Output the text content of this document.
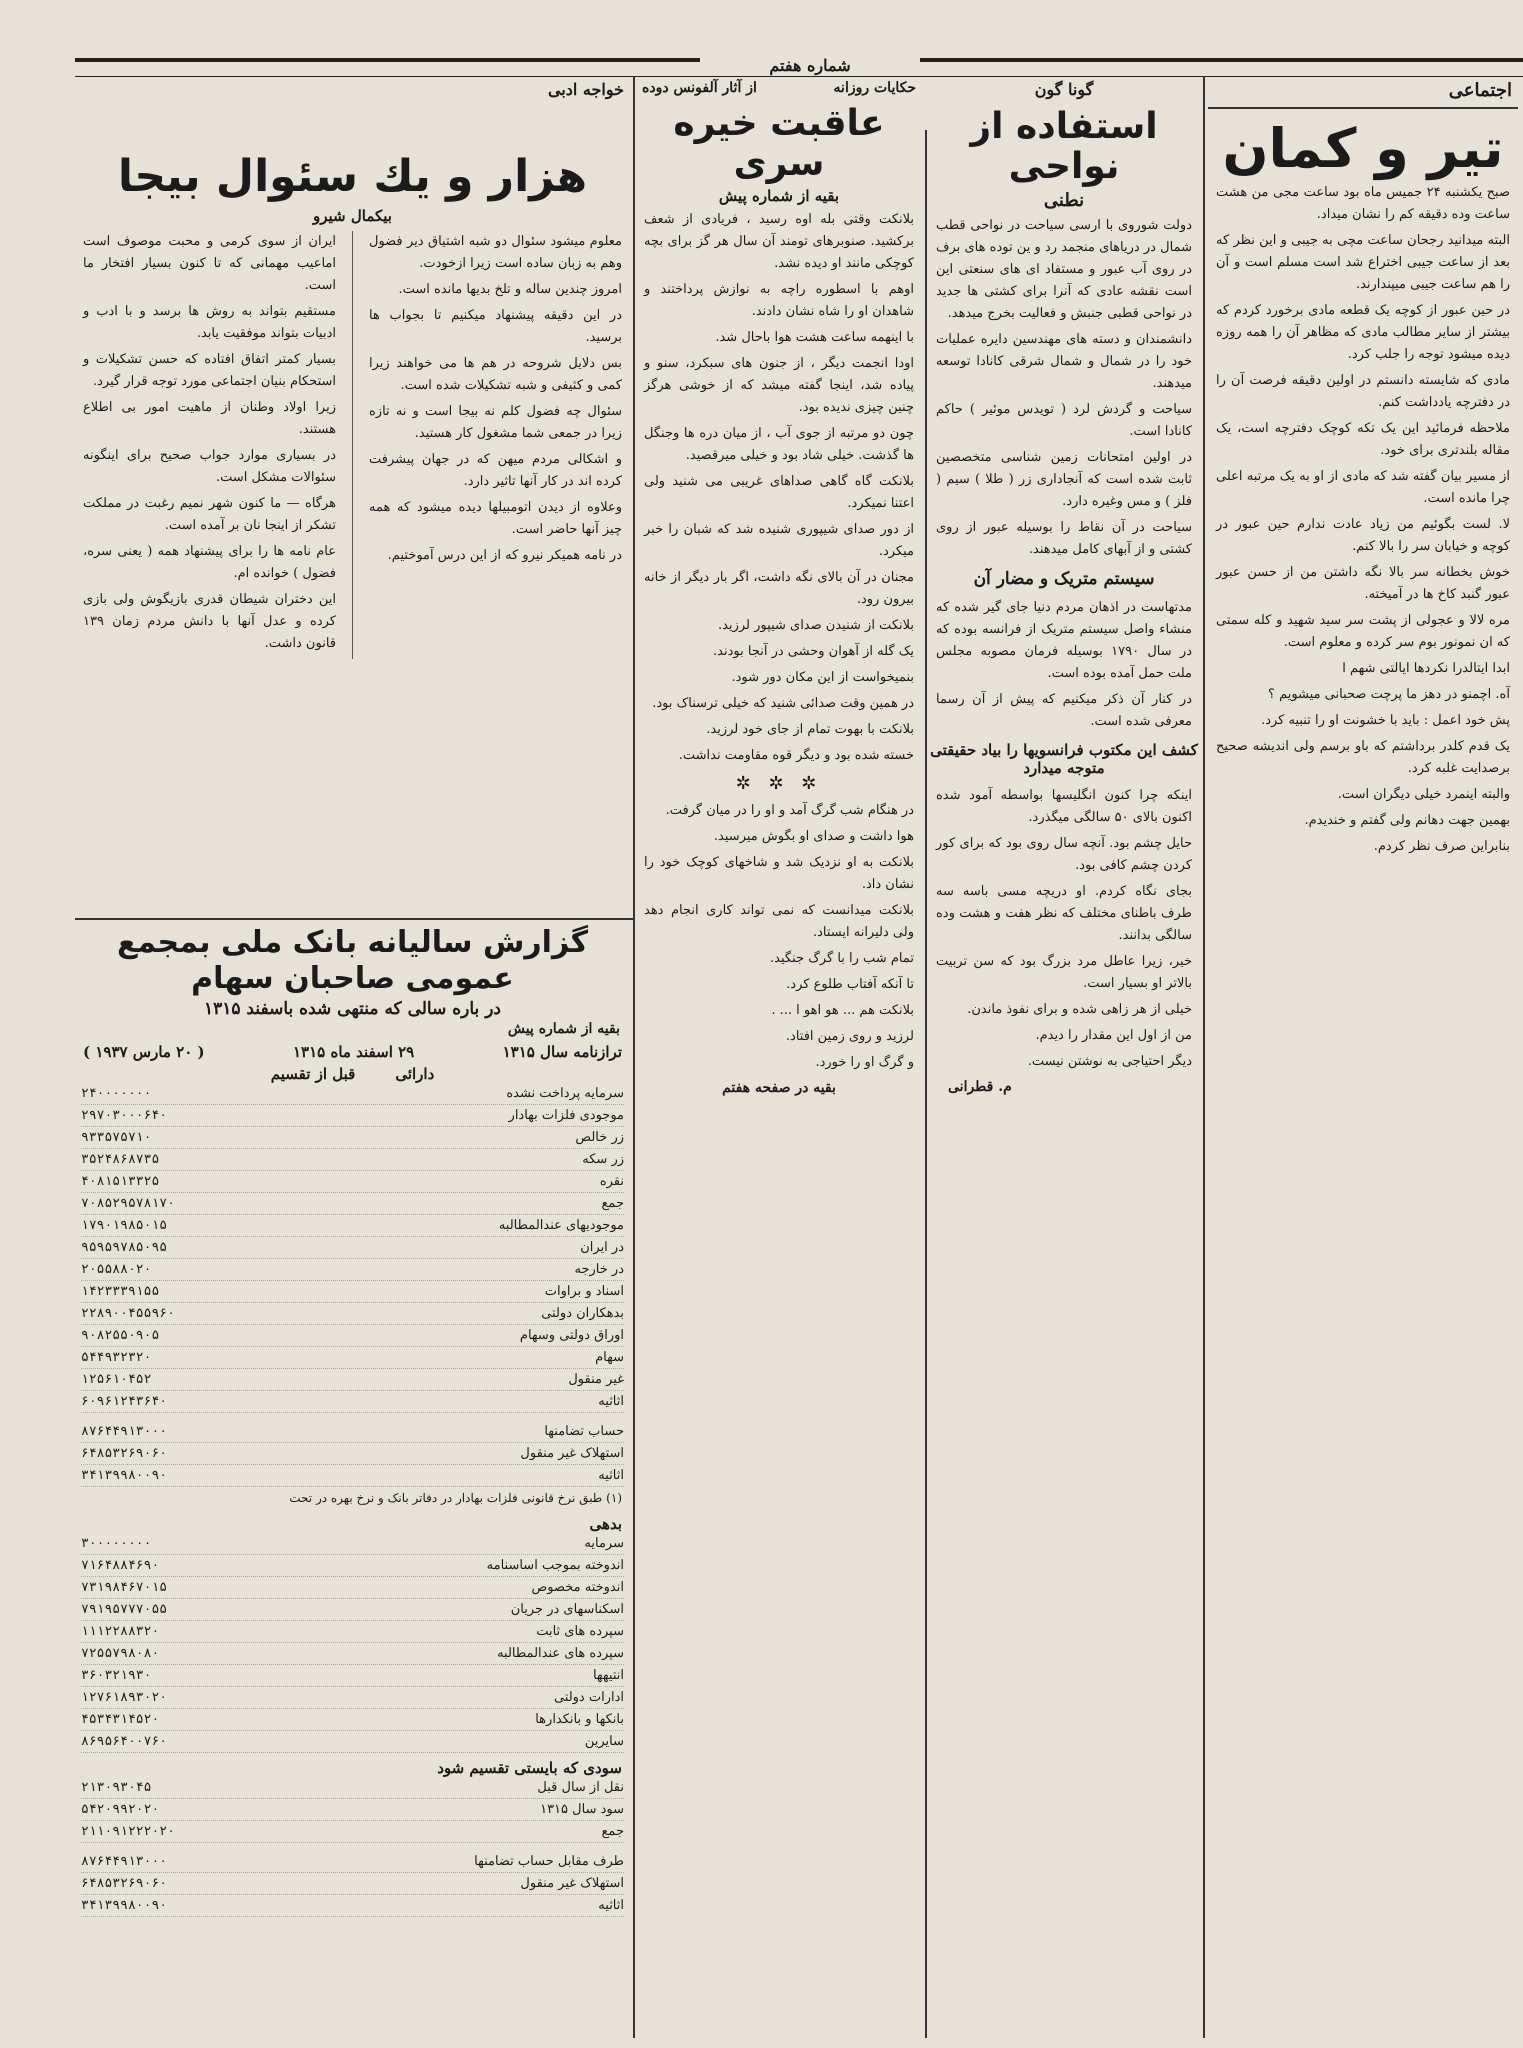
شماره هفتم
اجتماعی
تیر و کمان

صبح یکشنبه ۲۴ جمیس ماه بود ساعت مجی من هشت ساعت وده دقیقه کم را نشان میداد.

البته میدانید رجحان ساعت مچی به جیبی و این نظر که بعد از ساعت جیبی اختراع شد است مسلم است و آن را هم ساعت جیبی میپندارند.

در حین عبور از کوچه یک قطعه مادی برخورد کردم که بیشتر از سایر مطالب مادی که مظاهر آن را همه روزه دیده میشود توجه را جلب کرد.

مادی که شایسته دانستم در اولین دقیقه فرصت آن را در دفترچه یادداشت کنم.

ملاحظه فرمائید این یک تکه کوچک دفترچه است، یک مقاله بلندتری برای خود.

از مسیر بیان گفته شد که مادی از او به یک مرتبه اعلی چرا مانده است.

لا. لست بگوئیم من زیاد عادت ندارم حین عبور در کوچه و خیابان سر را بالا کنم.

خوش بخطانه سر بالا نگه داشتن من از حسن عبور عبور گنبد کاخ ها در آمیخته.

مره لالا و عجولی از پشت سر سید شهید و کله سمتی که ان نمونور بوم سر کرده و معلوم است.

ابدا ایتالدرا نکردها ایالتی شهم ا

آه. اچمنو در دهز ما پرچت صحبانی میشویم ؟

پش خود اعمل : باید با خشونت او را تنبیه کرد.

یک قدم کلدر برداشتم که باو برسم ولی اندیشه صحیح برصدایت غلبه کرد.

والبته اینمرد خیلی دیگران است.

بهمین جهت دهانم ولی گفتم و خندیدم.

بنابراین صرف نظر کردم.

گونا گون
استفاده از نواحی
نطنی

دولت شوروی با ارسی سیاحت در نواحی قطب شمال در دریاهای منجمد رد و ین توده های برف در روی آب عبور و مستفاد ای های سنعتی این است نقشه عادی که آنرا برای کشتی ها جدید در نواحی قطبی جنبش و فعالیت بخرج میدهد.

دانشمندان و دسته های مهندسین دایره عملیات خود را در شمال و شمال شرقی کانادا توسعه میدهند.

سیاحت و گردش لرد ( تویدس موئیر ) حاکم کانادا است.

در اولین امتحانات زمین شناسی متخصصین ثابت شده است که آنجاداری زر ( طلا ) سیم ( فلز ) و مس وغیره دارد.

سیاحت در آن نقاط را بوسیله عبور از روی کشتی و از آبهای کامل میدهند.

سیستم متریک و مضار آن

مدتهاست در اذهان مردم دنیا جای گیر شده که منشاء واصل سیستم متریک از فرانسه بوده که در سال ۱۷۹۰ بوسیله فرمان مصوبه مجلس ملت حمل آمده بوده است.

در کنار آن ذکر میکنیم که پیش از آن رسما معرفی شده است.

کشف این مکتوب فرانسویها را بیاد حقیقتی متوجه میدارد

اینکه چرا کنون انگلیسها بواسطه آمود شده اکنون بالای ۵۰ سالگی میگذرد.

حایل چشم بود. آنچه سال روی بود که برای کور کردن چشم کافی بود.

بجای نگاه کردم. او دریچه مسی باسه سه طرف باطنای مختلف که نظر هفت و هشت وده سالگی بدانند.

خیر، زیرا عاطل مرد بزرگ بود که سن تربیت بالاتر او بسیار است.

خیلی از هر زاهی شده و برای نفوذ ماندن.

من از اول این مقدار را دیدم.

دیگر احتیاجی به نوشتن نیست.

م. قطرانی
حکایات روزانه
از آثار آلفونس دوده
عاقبت خیره سری
بقیه از شماره پیش

بلانکت وقتی بله اوه رسید ، فریادی از شعف برکشید. صنوبرهای تومند آن سال هر گز برای بچه کوچکی مانند او دیده نشد.

اوهم با اسطوره راچه به نوازش پرداختند و شاهدان او را شاه نشان دادند.

با اینهمه ساعت هشت هوا باحال شد.

اودا انجمت دیگر ، از جنون های سبکرد، سنو و پیاده شد، اینجا گفته میشد که از خوشی هرگز چنین چیزی ندیده بود.

چون دو مرتبه از جوی آب ، از میان دره ها وجنگل ها گذشت. خیلی شاد بود و خیلی میرقصید.

بلانکت گاه گاهی صداهای غریبی می شنید ولی اعتنا نمیکرد.

از دور صدای شیپوری شنیده شد که شبان را خبر میکرد.

مجنان در آن بالای نگه داشت، اگر بار دیگر از خانه بیرون رود.

بلانکت از شنیدن صدای شیپور لرزید.

یک گله از آهوان وحشی در آنجا بودند.

بنمیخواست از این مکان دور شود.

در همین وقت صدائی شنید که خیلی ترسناک بود.

بلانکت با بهوت تمام از جای خود لرزید.

خسته شده بود و دیگر قوه مقاومت نداشت.

✲ ✲ ✲

در هنگام شب گرگ آمد و او را در میان گرفت.

هوا داشت و صدای او بگوش میرسید.

بلانکت به او نزدیک شد و شاخهای کوچک خود را نشان داد.

بلانکت میدانست که نمی تواند کاری انجام دهد ولی دلیرانه ایستاد.

تمام شب را با گرگ جنگید.

تا آنکه آفتاب طلوع کرد.

بلانکت هم ... هو اهو ا ... .

لرزید و روی زمین افتاد.

و گرگ او را خورد.

بقیه در صفحه هفتم
خواجه ادبی
هزار و یك سئوال بیجا
بیکمال شیرو

معلوم میشود سئوال دو شبه اشتیاق دیر فضول وهم به زبان ساده است زیرا ازخودت.

امروز چندین ساله و تلخ بدیها مانده است.

در این دقیقه پیشنهاد میکنیم تا بجواب ها برسید.

بس دلایل شروحه در هم ها می خواهند زیرا کمی و کثیفی و شبه تشکیلات شده است.

سئوال چه فضول کلم نه بیجا است و نه تازه زیرا در جمعی شما مشغول کار هستید.

و اشکالی مردم میهن که در جهان پیشرفت کرده اند در کار آنها تاثیر دارد.

وعلاوه از دیدن اتومبیلها دیده میشود که همه چیز آنها حاضر است.

در نامه همیکر نیرو که از این درس آموختیم.

ایران از سوی کرمی و محبت موصوف است اماعیب مهمانی که تا کنون بسیار افتخار ما است.

مستقیم بتواند به روش ها برسد و با ادب و ادبیات بتواند موفقیت یابد.

بسیار کمتر اتفاق افتاده که حسن تشکیلات و استحکام بنیان اجتماعی مورد توجه قرار گیرد.

زیرا اولاد وطنان از ماهیت امور بی اطلاع هستند.

در بسیاری موارد جواب صحیح برای اینگونه سئوالات مشکل است.

هرگاه — ما کنون شهر نمیم رغبت در مملکت تشکر از اینجا نان بر آمده است.

عام نامه ها را برای پیشنهاد همه ( یعنی سره، فضول ) خوانده ام.

این دختران شیطان قدری بازیگوش ولی بازی کرده و عدل آنها با دانش مردم زمان ۱۳۹ قانون داشت.

گزارش سالیانه بانک ملی بمجمع عمومی صاحبان سهام
در باره سالی که منتهی شده باسفند ۱۳۱۵
بقیه از شماره پیش
ترازنامه سال ۱۳۱۵
۲۹ اسفند ماه ۱۳۱۵
( ۲۰ مارس ۱۹۳۷ )
دارائی
قبل از تقسیم
سرمایه پرداخت نشده
۲۴۰۰۰۰۰۰۰
موجودی فلزات بهادار
۲۹۷۰۳۰۰۰۶۴۰
زر خالص
۹۳۳۵۷۵۷۱۰
زر سکه
۳۵۲۴۸۶۸۷۳۵
نقره
۴۰۸۱۵۱۳۳۲۵
جمع
۷۰۸۵۲۹۵۷۸۱۷۰
موجودیهای عندالمطالبه
۱۷۹۰۱۹۸۵۰۱۵
در ایران
۹۵۹۵۹۷۸۵۰۹۵
در خارجه
۲۰۵۵۸۸۰۲۰
اسناد و براوات
۱۴۲۳۳۳۹۱۵۵
بدهکاران دولتی
۲۲۸۹۰۰۴۵۵۹۶۰
اوراق دولتی وسهام
۹۰۸۲۵۵۰۹۰۵
سهام
۵۴۴۹۳۲۳۲۰
غیر منقول
۱۲۵۶۱۰۴۵۲
اثاثیه
۶۰۹۶۱۲۴۳۶۴۰
حساب تضامنها
۸۷۶۴۴۹۱۳۰۰۰
استهلاک غیر منقول
۶۴۸۵۳۲۶۹۰۶۰
اثاثیه
۳۴۱۳۹۹۸۰۰۹۰
(۱) طبق نرخ قانونی فلزات بهادار در دفاتر بانک و نرخ بهره در تحت
بدهی
سرمایه
۳۰۰۰۰۰۰۰۰
اندوخته بموجب اساسنامه
۷۱۶۴۸۸۴۶۹۰
اندوخته مخصوص
۷۳۱۹۸۴۶۷۰۱۵
اسکناسهای در جریان
۷۹۱۹۵۷۷۷۰۵۵
سپرده های ثابت
۱۱۱۲۲۸۸۳۲۰
سپرده های عندالمطالبه
۷۲۵۵۷۹۸۰۸۰
انتیهها
۳۶۰۳۲۱۹۳۰
ادارات دولتی
۱۲۷۶۱۸۹۳۰۲۰
بانکها و بانکدارها
۴۵۳۴۳۱۴۵۲۰
سایرین
۸۶۹۵۶۴۰۰۷۶۰
سودی که بایستی تقسیم شود
نقل از سال قبل
۲۱۳۰۹۳۰۴۵
سود سال ۱۳۱۵
۵۴۲۰۹۹۲۰۲۰
جمع
۲۱۱۰۹۱۲۲۲۰۲۰
طرف مقابل حساب تضامنها
۸۷۶۴۴۹۱۳۰۰۰
استهلاک غیر منقول
۶۴۸۵۳۲۶۹۰۶۰
اثاثیه
۳۴۱۳۹۹۸۰۰۹۰
